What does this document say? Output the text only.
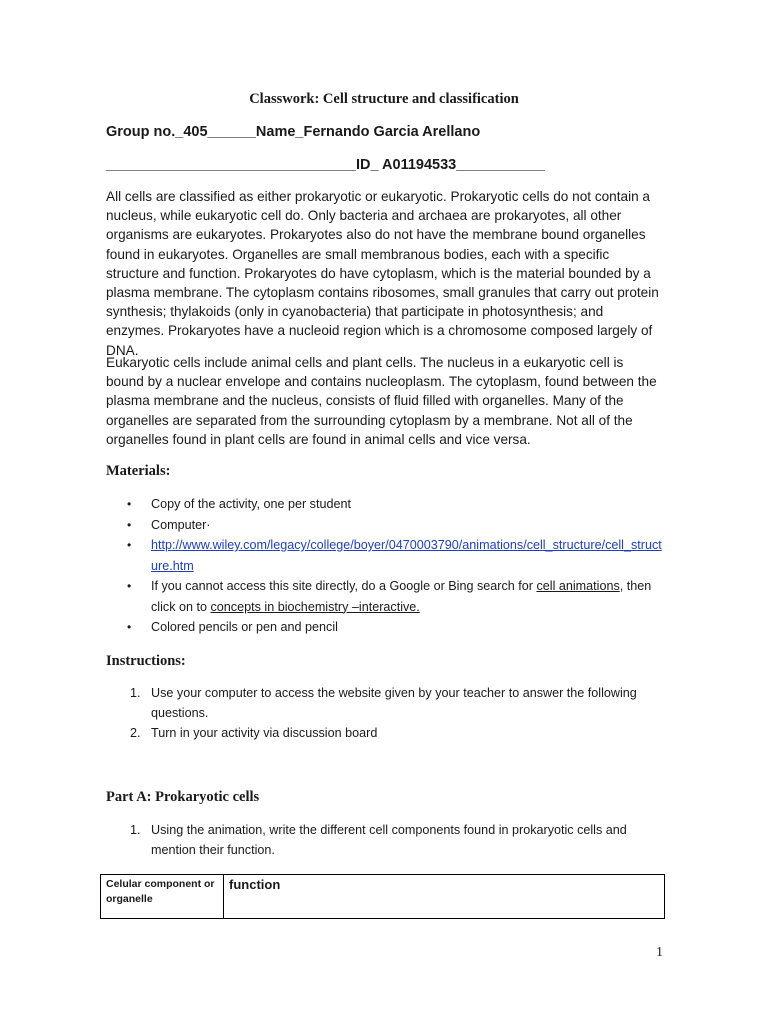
Classwork: Cell structure and classification
Group no._405______Name_Fernando Garcia Arellano
_______________________________ID_ A01194533___________

All cells are classified as either prokaryotic or eukaryotic. Prokaryotic cells do not contain a nucleus, while eukaryotic cell do. Only bacteria and archaea are prokaryotes, all other organisms are eukaryotes. Prokaryotes also do not have the membrane bound organelles found in eukaryotes. Organelles are small membranous bodies, each with a specific structure and function. Prokaryotes do have cytoplasm, which is the material bounded by a plasma membrane. The cytoplasm contains ribosomes, small granules that carry out protein synthesis; thylakoids (only in cyanobacteria) that participate in photosynthesis; and enzymes. Prokaryotes have a nucleoid region which is a chromosome composed largely of DNA.

Eukaryotic cells include animal cells and plant cells. The nucleus in a eukaryotic cell is bound by a nuclear envelope and contains nucleoplasm. The cytoplasm, found between the plasma membrane and the nucleus, consists of fluid filled with organelles. Many of the organelles are separated from the surrounding cytoplasm by a membrane. Not all of the organelles found in plant cells are found in animal cells and vice versa.

Materials:
• Copy of the activity, one per student
• Computer·
• http://www.wiley.com/legacy/college/boyer/0470003790/animations/cell_structure/cell_structure.htm
• If you cannot access this site directly, do a Google or Bing search for cell animations, then click on to concepts in biochemistry –interactive.
• Colored pencils or pen and pencil
Instructions:
1. Use your computer to access the website given by your teacher to answer the following questions.
2. Turn in your activity via discussion board
Part A: Prokaryotic cells
1. Using the animation, write the different cell components found in prokaryotic cells and mention their function.
Celular component or organelle	function
1
